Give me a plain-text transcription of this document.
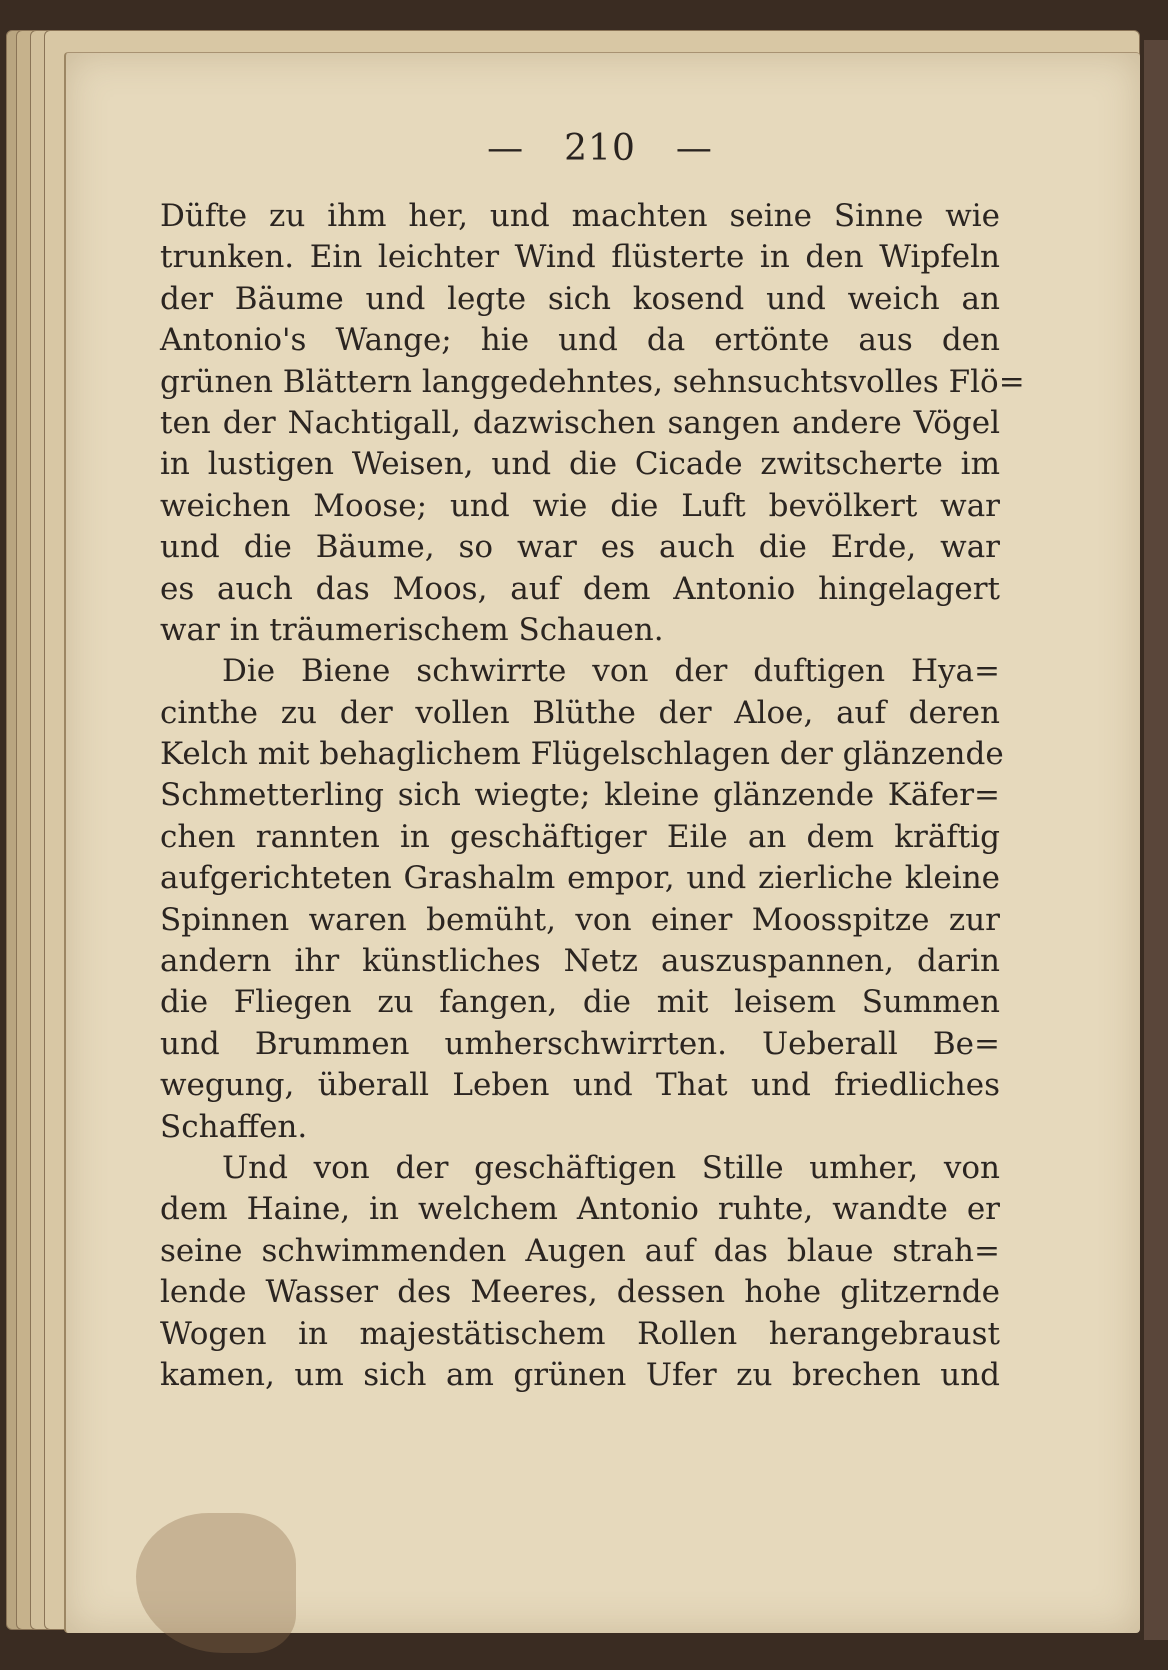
— 210 —
Düfte zu ihm her, und machten seine Sinne wie
trunken. Ein leichter Wind flüsterte in den Wipfeln
der Bäume und legte sich kosend und weich an
Antonio's Wange; hie und da ertönte aus den
grünen Blättern langgedehntes, sehnsuchtsvolles Flö=
ten der Nachtigall, dazwischen sangen andere Vögel
in lustigen Weisen, und die Cicade zwitscherte im
weichen Moose; und wie die Luft bevölkert war
und die Bäume, so war es auch die Erde, war
es auch das Moos, auf dem Antonio hingelagert
war in träumerischem Schauen.
Die Biene schwirrte von der duftigen Hya=
cinthe zu der vollen Blüthe der Aloe, auf deren
Kelch mit behaglichem Flügelschlagen der glänzende
Schmetterling sich wiegte; kleine glänzende Käfer=
chen rannten in geschäftiger Eile an dem kräftig
aufgerichteten Grashalm empor, und zierliche kleine
Spinnen waren bemüht, von einer Moosspitze zur
andern ihr künstliches Netz auszuspannen, darin
die Fliegen zu fangen, die mit leisem Summen
und Brummen umherschwirrten. Ueberall Be=
wegung, überall Leben und That und friedliches
Schaffen.
Und von der geschäftigen Stille umher, von
dem Haine, in welchem Antonio ruhte, wandte er
seine schwimmenden Augen auf das blaue strah=
lende Wasser des Meeres, dessen hohe glitzernde
Wogen in majestätischem Rollen herangebraust
kamen, um sich am grünen Ufer zu brechen und
